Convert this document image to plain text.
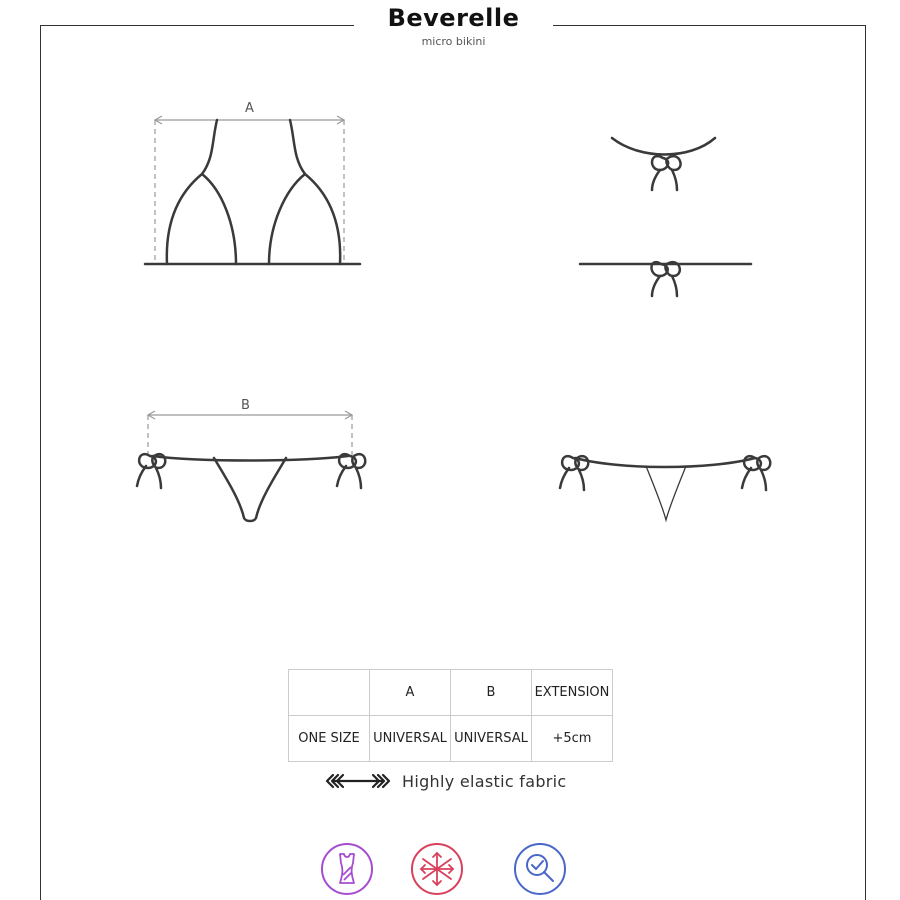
Beverelle
micro bikini
A
B
	A	B	EXTENSION
ONE SIZE	UNIVERSAL	UNIVERSAL	+5cm
Highly elastic fabric
